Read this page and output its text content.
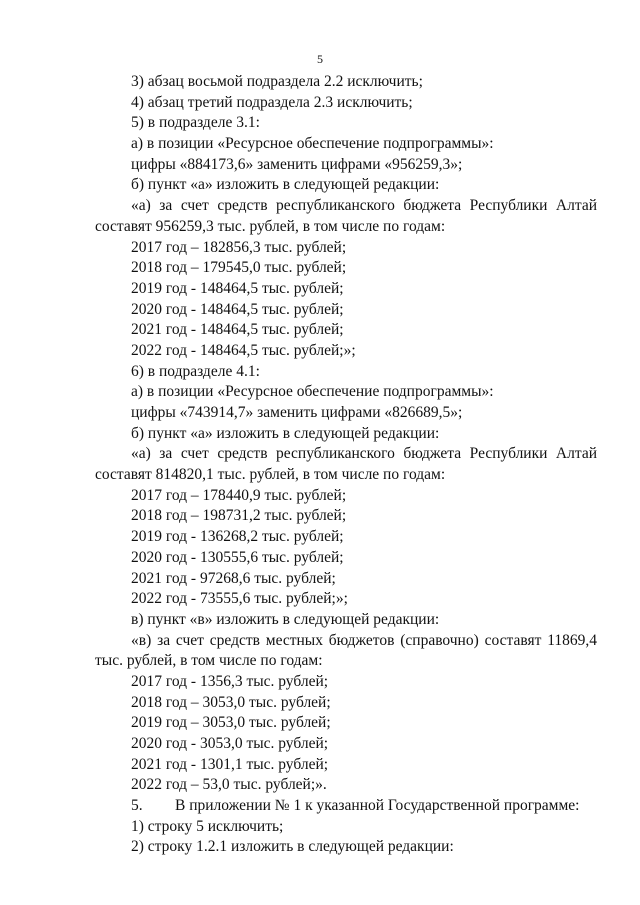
5
3) абзац восьмой подраздела 2.2 исключить;
4) абзац третий подраздела 2.3 исключить;
5) в подразделе 3.1:
а) в позиции «Ресурсное обеспечение подпрограммы»:
цифры «884173,6» заменить цифрами «956259,3»;
б) пункт «а» изложить в следующей редакции:
«а) за счет средств республиканского бюджета Республики Алтай
составят 956259,3 тыс. рублей, в том числе по годам:
2017 год – 182856,3 тыс. рублей;
2018 год – 179545,0 тыс. рублей;
2019 год - 148464,5 тыс. рублей;
2020 год - 148464,5 тыс. рублей;
2021 год - 148464,5 тыс. рублей;
2022 год - 148464,5 тыс. рублей;»;
6) в подразделе 4.1:
а) в позиции «Ресурсное обеспечение подпрограммы»:
цифры «743914,7» заменить цифрами «826689,5»;
б) пункт «а» изложить в следующей редакции:
«а) за счет средств республиканского бюджета Республики Алтай
составят 814820,1 тыс. рублей, в том числе по годам:
2017 год – 178440,9 тыс. рублей;
2018 год – 198731,2 тыс. рублей;
2019 год - 136268,2 тыс. рублей;
2020 год - 130555,6 тыс. рублей;
2021 год - 97268,6 тыс. рублей;
2022 год - 73555,6 тыс. рублей;»;
в) пункт «в» изложить в следующей редакции:
«в) за счет средств местных бюджетов (справочно) составят 11869,4
тыс. рублей, в том числе по годам:
2017 год - 1356,3 тыс. рублей;
2018 год – 3053,0 тыс. рублей;
2019 год – 3053,0 тыс. рублей;
2020 год - 3053,0 тыс. рублей;
2021 год - 1301,1 тыс. рублей;
2022 год – 53,0 тыс. рублей;».
5. В приложении № 1 к указанной Государственной программе:
1) строку 5 исключить;
2) строку 1.2.1 изложить в следующей редакции:
